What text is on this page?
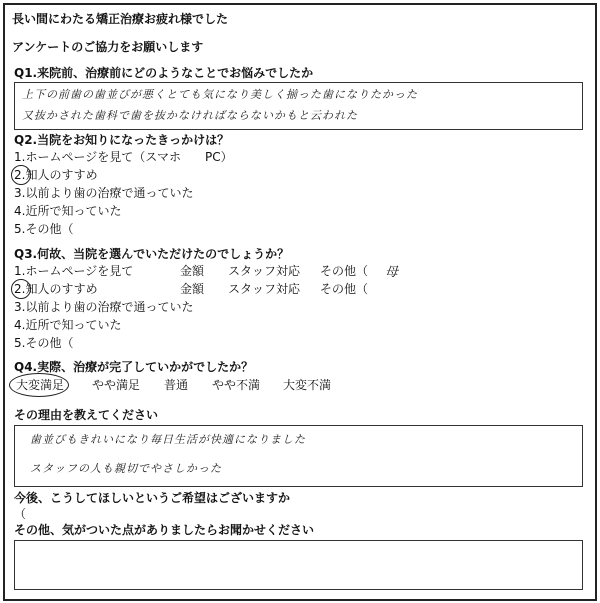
長い間にわたる矯正治療お疲れ様でした
アンケートのご協力をお願いします
Q1.来院前、治療前にどのようなことでお悩みでしたか
上下の前歯の歯並びが悪くとても気になり美しく揃った歯になりたかった
又抜かされた歯科で歯を抜かなければならないかもと云われた
Q2.当院をお知りになったきっかけは？
1.ホームページを見て（スマホ　　PC）
2.知人のすすめ
3.以前より歯の治療で通っていた
4.近所で知っていた
5.その他（
Q3.何故、当院を選んでいただけたのでしょうか？
1.ホームページを見て	金額 スタッフ対応 その他（ 母
2.知人のすすめ	金額 スタッフ対応 その他（
3.以前より歯の治療で通っていた
4.近所で知っていた
5.その他（
Q4.実際、治療が完了していかがでしたか？
大変満足 やや満足 普通 やや不満 大変不満
その理由を教えてください
歯並びもきれいになり毎日生活が快適になりました
スタッフの人も親切でやさしかった
今後、こうしてほしいというご希望はございますか
（
その他、気がついた点がありましたらお聞かせください
